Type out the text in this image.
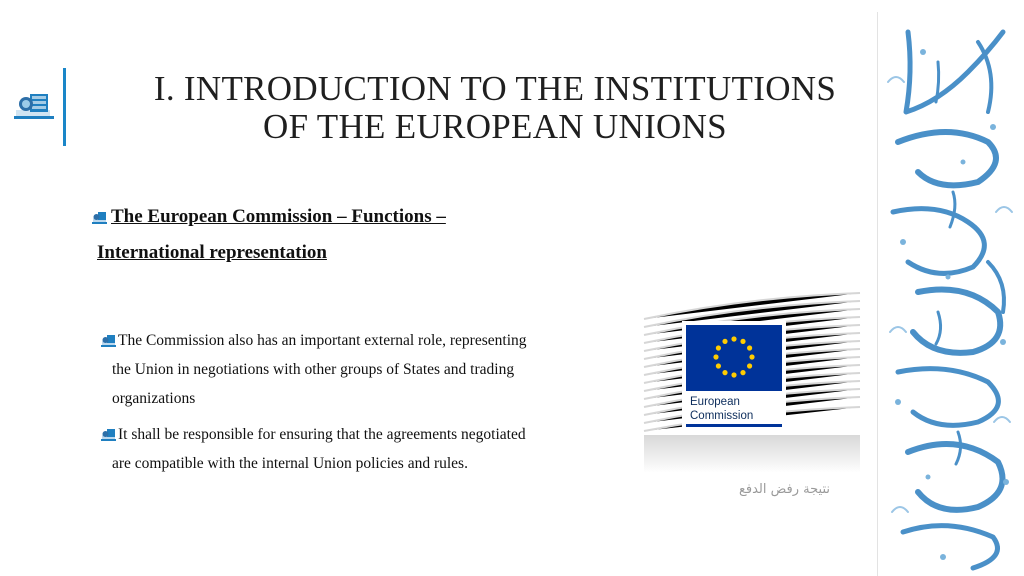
I. INTRODUCTION TO THE INSTITUTIONS
OF THE EUROPEAN UNIONS
The European Commission – Functions –
International representation
The Commission also has an important external role, representing
the Union in negotiations with other groups of States and trading organizations
It shall be responsible for ensuring that the agreements negotiated
are compatible with the internal Union policies and rules.
European
Commission
نتيجة رفض الدفع
